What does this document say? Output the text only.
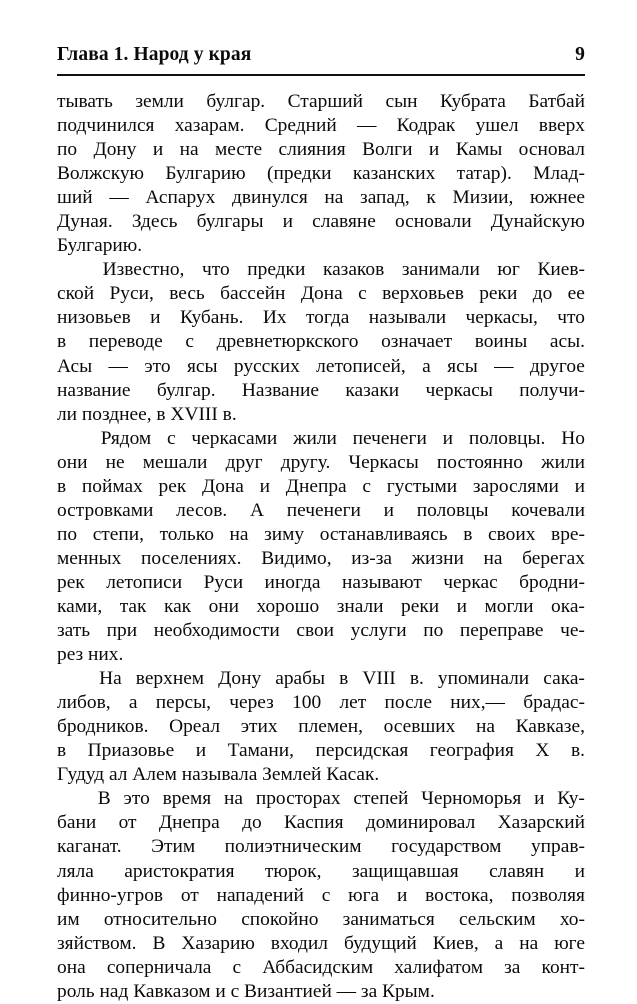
Глава 1. Народ у края	9

тывать земли булгар. Старший сын Кубрата Батбай
подчинился хазарам. Средний — Кодрак ушел вверх
по Дону и на месте слияния Волги и Камы основал
Волжскую Булгарию (предки казанских татар). Млад-
ший — Аспарух двинулся на запад, к Мизии, южнее
Дуная. Здесь булгары и славяне основали Дунайскую
Булгарию.

Известно, что предки казаков занимали юг Киев-
ской Руси, весь бассейн Дона с верховьев реки до ее
низовьев и Кубань. Их тогда называли черкасы, что
в переводе с древнетюркского означает воины асы.
Асы — это ясы русских летописей, а ясы — другое
название булгар. Название казаки черкасы получи-
ли позднее, в XVIII в.

Рядом с черкасами жили печенеги и половцы. Но
они не мешали друг другу. Черкасы постоянно жили
в поймах рек Дона и Днепра с густыми зарослями и
островками лесов. А печенеги и половцы кочевали
по степи, только на зиму останавливаясь в своих вре-
менных поселениях. Видимо, из-за жизни на берегах
рек летописи Руси иногда называют черкас бродни-
ками, так как они хорошо знали реки и могли ока-
зать при необходимости свои услуги по переправе че-
рез них.

На верхнем Дону арабы в VIII в. упоминали сака-
либов, а персы, через 100 лет после них,— брадас-
бродников. Ореал этих племен, осевших на Кавказе,
в Приазовье и Тамани, персидская география X в.
Гудуд ал Алем называла Землей Касак.

В это время на просторах степей Черноморья и Ку-
бани от Днепра до Каспия доминировал Хазарский
каганат. Этим полиэтническим государством управ-
ляла аристократия тюрок, защищавшая славян и
финно-угров от нападений с юга и востока, позволяя
им относительно спокойно заниматься сельским хо-
зяйством. В Хазарию входил будущий Киев, а на юге
она соперничала с Аббасидским халифатом за конт-
роль над Кавказом и с Византией — за Крым.
